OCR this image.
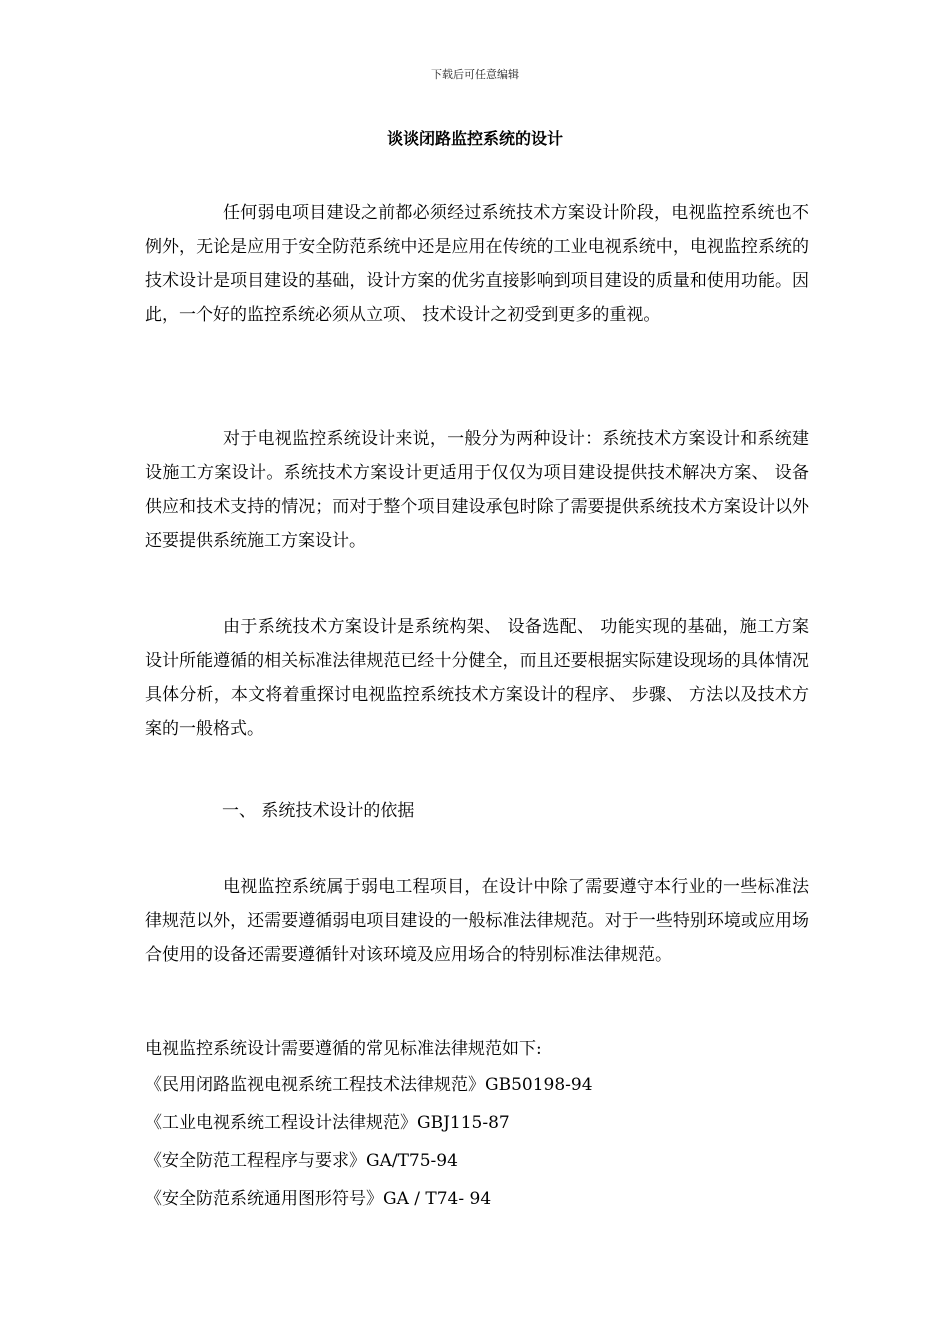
下载后可任意编辑
谈谈闭路监控系统的设计

任何弱电项目建设之前都必须经过系统技术方案设计阶段，电视监控系统也不例外，无论是应用于安全防范系统中还是应用在传统的工业电视系统中，电视监控系统的技术设计是项目建设的基础，设计方案的优劣直接影响到项目建设的质量和使用功能。因此，一个好的监控系统必须从立项、 技术设计之初受到更多的重视。

对于电视监控系统设计来说，一般分为两种设计：系统技术方案设计和系统建设施工方案设计。系统技术方案设计更适用于仅仅为项目建设提供技术解决方案、 设备供应和技术支持的情况；而对于整个项目建设承包时除了需要提供系统技术方案设计以外还要提供系统施工方案设计。

由于系统技术方案设计是系统构架、 设备选配、 功能实现的基础，施工方案设计所能遵循的相关标准法律规范已经十分健全，而且还要根据实际建设现场的具体情况具体分析，本文将着重探讨电视监控系统技术方案设计的程序、 步骤、 方法以及技术方案的一般格式。

一、 系统技术设计的依据

电视监控系统属于弱电工程项目，在设计中除了需要遵守本行业的一些标准法律规范以外，还需要遵循弱电项目建设的一般标准法律规范。对于一些特别环境或应用场合使用的设备还需要遵循针对该环境及应用场合的特别标准法律规范。

电视监控系统设计需要遵循的常见标准法律规范如下:

《民用闭路监视电视系统工程技术法律规范》GB50198-94

《工业电视系统工程设计法律规范》GBJ115-87

《安全防范工程程序与要求》GA/T75-94

《安全防范系统通用图形符号》GA / T74- 94
